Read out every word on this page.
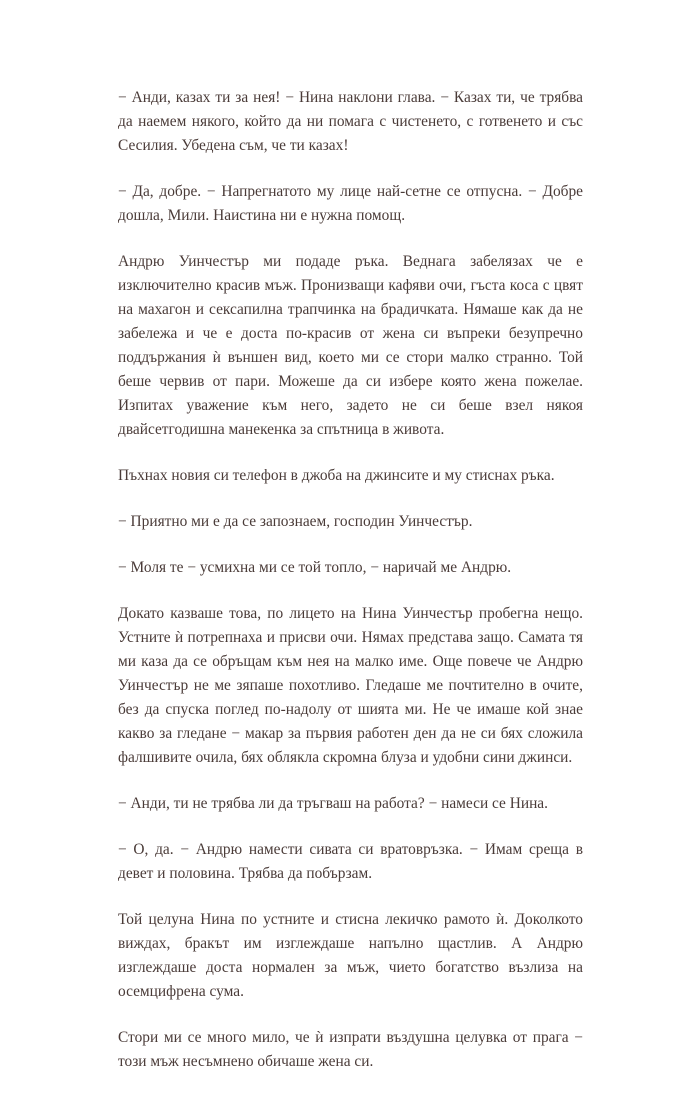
− Анди, казах ти за нея! − Нина наклони глава. − Казах ти, че трябва да наемем някого, който да ни помага с чистенето, с готвенето и със Сесилия. Убедена съм, че ти казах!

− Да, добре. − Напрегнатото му лице най-сетне се отпусна. − Добре дошла, Мили. Наистина ни е нужна помощ.

Андрю Уинчестър ми подаде ръка. Веднага забелязах че е изключително красив мъж. Пронизващи кафяви очи, гъста коса с цвят на махагон и сексапилна трапчинка на брадичката. Нямаше как да не забележа и че е доста по-красив от жена си въпреки безупречно поддържания ѝ външен вид, което ми се стори малко странно. Той беше червив от пари. Можеше да си избере която жена пожелае. Изпитах уважение към него, задето не си беше взел някоя двайсетгодишна манекенка за спътница в живота.

Пъхнах новия си телефон в джоба на джинсите и му стиснах ръка.

− Приятно ми е да се запознаем, господин Уинчестър.

− Моля те − усмихна ми се той топло, − наричай ме Андрю.

Докато казваше това, по лицето на Нина Уинчестър пробегна нещо. Устните ѝ потрепнаха и присви очи. Нямах представа защо. Самата тя ми каза да се обръщам към нея на малко име. Още повече че Андрю Уинчестър не ме зяпаше похотливо. Гледаше ме почтително в очите, без да спуска поглед по-надолу от шията ми. Не че имаше кой знае какво за гледане − макар за първия работен ден да не си бях сложила фалшивите очила, бях облякла скромна блуза и удобни сини джинси.

− Анди, ти не трябва ли да тръгваш на работа? − намеси се Нина.

− О, да. − Андрю намести сивата си вратовръзка. − Имам среща в девет и половина. Трябва да побързам.

Той целуна Нина по устните и стисна лекичко рамото ѝ. Доколкото виждах, бракът им изглеждаше напълно щастлив. А Андрю изглеждаше доста нормален за мъж, чието богатство възлиза на осемцифрена сума.

Стори ми се много мило, че ѝ изпрати въздушна целувка от прага − този мъж несъмнено обичаше жена си.
